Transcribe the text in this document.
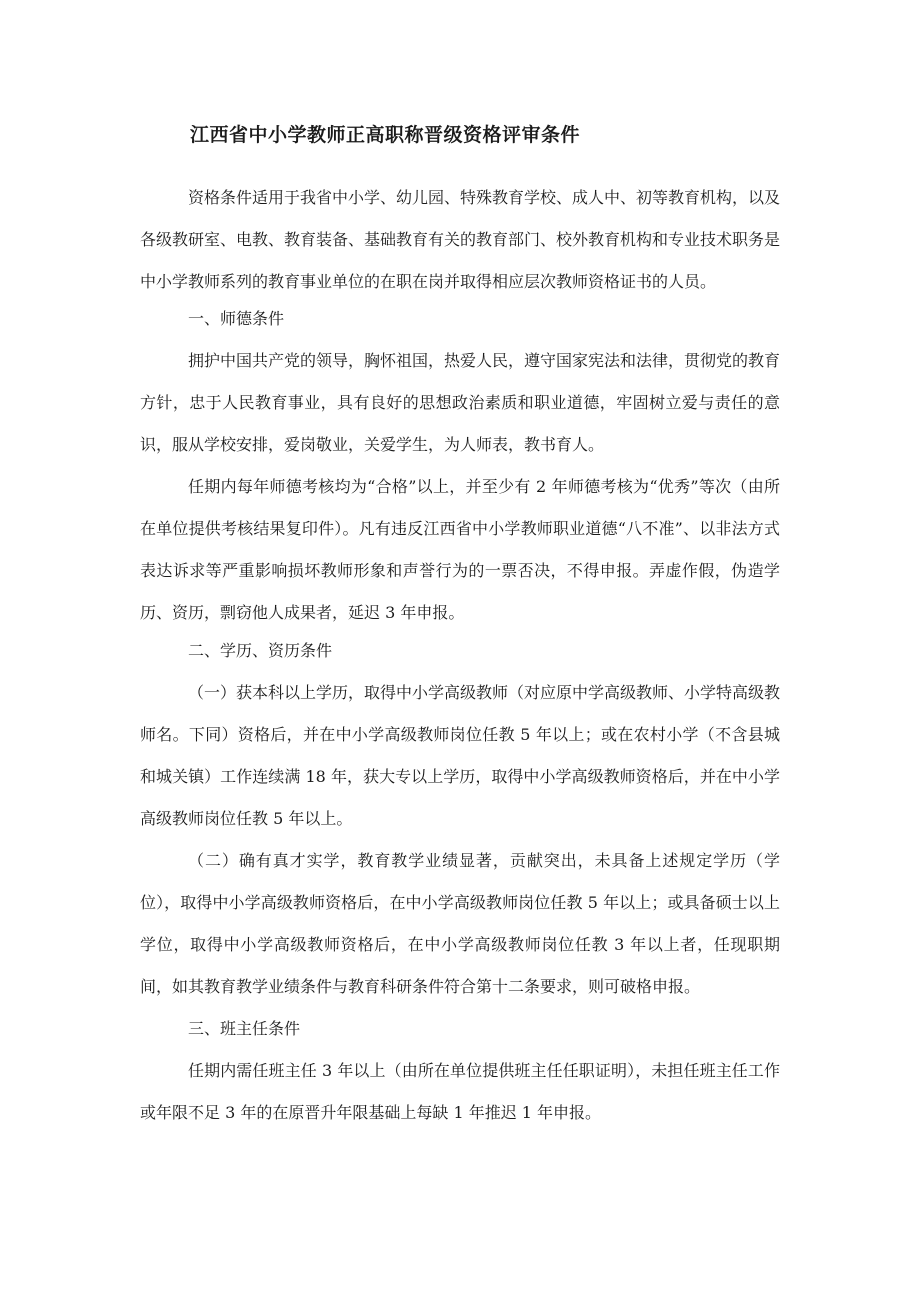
江西省中小学教师正高职称晋级资格评审条件

资格条件适用于我省中小学、幼儿园、特殊教育学校、成人中、初等教育机构，以及各级教研室、电教、教育装备、基础教育有关的教育部门、校外教育机构和专业技术职务是中小学教师系列的教育事业单位的在职在岗并取得相应层次教师资格证书的人员。

一、师德条件

拥护中国共产党的领导，胸怀祖国，热爱人民，遵守国家宪法和法律，贯彻党的教育方针，忠于人民教育事业，具有良好的思想政治素质和职业道德，牢固树立爱与责任的意识，服从学校安排，爱岗敬业，关爱学生，为人师表，教书育人。

任期内每年师德考核均为“合格”以上，并至少有 2 年师德考核为“优秀”等次（由所在单位提供考核结果复印件）。凡有违反江西省中小学教师职业道德“八不准”、以非法方式表达诉求等严重影响损坏教师形象和声誉行为的一票否决，不得申报。弄虚作假，伪造学历、资历，剽窃他人成果者，延迟 3 年申报。

二、学历、资历条件

（一）获本科以上学历，取得中小学高级教师（对应原中学高级教师、小学特高级教师名。下同）资格后，并在中小学高级教师岗位任教 5 年以上；或在农村小学（不含县城和城关镇）工作连续满 18 年，获大专以上学历，取得中小学高级教师资格后，并在中小学高级教师岗位任教 5 年以上。

（二）确有真才实学，教育教学业绩显著，贡献突出，未具备上述规定学历（学位），取得中小学高级教师资格后，在中小学高级教师岗位任教 5 年以上；或具备硕士以上学位，取得中小学高级教师资格后，在中小学高级教师岗位任教 3 年以上者，任现职期间，如其教育教学业绩条件与教育科研条件符合第十二条要求，则可破格申报。

三、班主任条件

任期内需任班主任 3 年以上（由所在单位提供班主任任职证明），未担任班主任工作或年限不足 3 年的在原晋升年限基础上每缺 1 年推迟 1 年申报。
